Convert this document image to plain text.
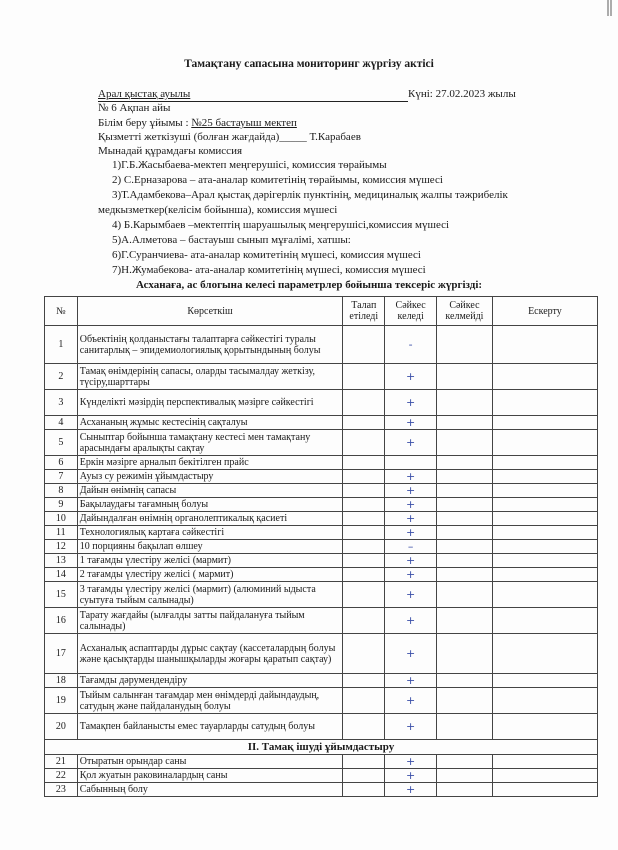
Тамақтану сапасына мониторинг жүргізу актісі
Арал қыстақ ауылы	Күні: 27.02.2023 жылы
№ 6 Ақпан айы
Білім беру ұйымы : №25 бастауыш мектеп
Қызметті жеткізуші (болған жағдайда)_____ Т.Карабаев
Мынадай құрамдағы комиссия
1)Г.Б.Жасыбаева-мектеп меңгерушісі, комиссия төрайымы
2) С.Ерназарова – ата-аналар комитетінің төрайымы, комиссия мүшесі
3)Т.Адамбекова–Арал қыстақ дәрігерлік пунктінің, медициналық жалпы тәжрибелік
медкызметкер(келісім бойынша), комиссия мүшесі
4) Б.Карымбаев –мектептің шаруашылық меңгерушісі,комиссия мүшесі
5)А.Алметова – бастауыш сынып мұғалімі, хатшы:
6)Г.Суранчиева- ата-аналар комитетінің мүшесі, комиссия мүшесі
7)Н.Жумабекова- ата-аналар комитетінің мүшесі, комиссия мүшесі
Асханаға, ас блогына келесі параметрлер бойынша тексеріс жүргізді:
№	Көрсеткіш	Талап етіледі	Сәйкес келеді	Сәйкес келмейді	Ескерту
1	Объектінің қолданыстағы талаптарға сәйкестігі туралы санитарлық – эпидемиологиялық қорытындының болуы		-		
2	Тамақ өнімдерінің сапасы, оларды тасымалдау жеткізу, түсіру,шарттары		+		
3	Күнделікті мәзірдің перспективалық мәзірге сәйкестігі		+		
4	Асхананың жұмыс кестесінің сақталуы		+		
5	Сыныптар бойынша тамақтану кестесі мен тамақтану арасындағы аралықты сақтау		+		
6	Еркін мәзірге арналып бекітілген прайс				
7	Ауыз су режимін ұйымдастыру		+		
8	Дайын өнімнің сапасы		+		
9	Бақылаудағы тағамның болуы		+		
10	Дайындалған өнімнің органолептикалық қасиеті		+		
11	Технологиялық картаға сәйкестігі		+		
12	10 порцияны бақылап өлшеу		–		
13	1 тағамды үлестіру желісі (мармит)		+		
14	2 тағамды үлестіру желісі ( мармит)		+		
15	3 тағамды үлестіру желісі (мармит) (алюминий ыдыста суытуға тыйым салынады)		+		
16	Тарату жағдайы (ылғалды затты пайдалануға тыйым салынады)		+		
17	Асханалық аспаптарды дұрыс сақтау (кассеталардың болуы және қасықтарды шанышқыларды жоғары қаратып сақтау)		+		
18	Тағамды дәрумендендіру		+		
19	Тыйым салынған тағамдар мен өнімдерді дайындаудың, сатудың және пайдаланудың болуы		+		
20	Тамақпен байланысты емес тауарларды сатудың болуы		+		
II. Тамақ ішуді ұйымдастыру					
21	Отыратын орындар саны		+		
22	Қол жуатын раковиналардың саны		+		
23	Сабынның болу		+		
